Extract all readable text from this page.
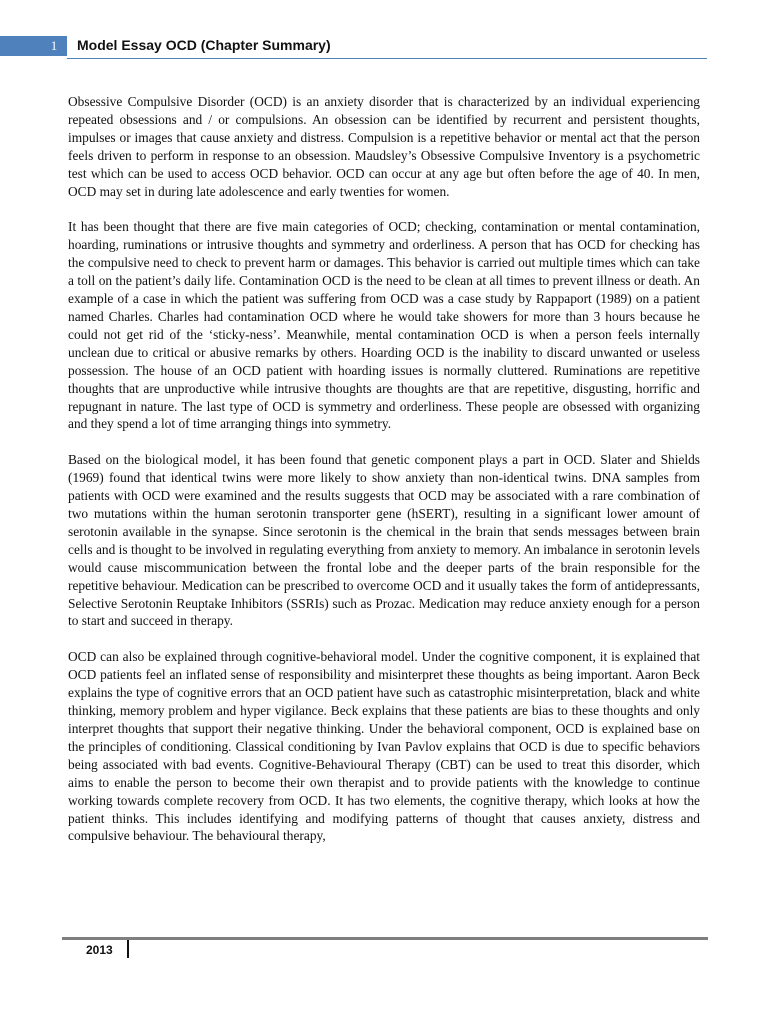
1	Model Essay OCD (Chapter Summary)

Obsessive Compulsive Disorder (OCD) is an anxiety disorder that is characterized by an individual experiencing repeated obsessions and / or compulsions. An obsession can be identified by recurrent and persistent thoughts, impulses or images that cause anxiety and distress. Compulsion is a repetitive behavior or mental act that the person feels driven to perform in response to an obsession. Maudsley’s Obsessive Compulsive Inventory is a psychometric test which can be used to access OCD behavior. OCD can occur at any age but often before the age of 40. In men, OCD may set in during late adolescence and early twenties for women.

It has been thought that there are five main categories of OCD; checking, contamination or mental contamination, hoarding, ruminations or intrusive thoughts and symmetry and orderliness. A person that has OCD for checking has the compulsive need to check to prevent harm or damages. This behavior is carried out multiple times which can take a toll on the patient’s daily life. Contamination OCD is the need to be clean at all times to prevent illness or death. An example of a case in which the patient was suffering from OCD was a case study by Rappaport (1989) on a patient named Charles. Charles had contamination OCD where he would take showers for more than 3 hours because he could not get rid of the ‘sticky-ness’. Meanwhile, mental contamination OCD is when a person feels internally unclean due to critical or abusive remarks by others. Hoarding OCD is the inability to discard unwanted or useless possession. The house of an OCD patient with hoarding issues is normally cluttered. Ruminations are repetitive thoughts that are unproductive while intrusive thoughts are thoughts are that are repetitive, disgusting, horrific and repugnant in nature. The last type of OCD is symmetry and orderliness. These people are obsessed with organizing and they spend a lot of time arranging things into symmetry.

Based on the biological model, it has been found that genetic component plays a part in OCD. Slater and Shields (1969) found that identical twins were more likely to show anxiety than non-identical twins. DNA samples from patients with OCD were examined and the results suggests that OCD may be associated with a rare combination of two mutations within the human serotonin transporter gene (hSERT), resulting in a significant lower amount of serotonin available in the synapse. Since serotonin is the chemical in the brain that sends messages between brain cells and is thought to be involved in regulating everything from anxiety to memory. An imbalance in serotonin levels would cause miscommunication between the frontal lobe and the deeper parts of the brain responsible for the repetitive behaviour. Medication can be prescribed to overcome OCD and it usually takes the form of antidepressants, Selective Serotonin Reuptake Inhibitors (SSRIs) such as Prozac. Medication may reduce anxiety enough for a person to start and succeed in therapy.

OCD can also be explained through cognitive-behavioral model. Under the cognitive component, it is explained that OCD patients feel an inflated sense of responsibility and misinterpret these thoughts as being important. Aaron Beck explains the type of cognitive errors that an OCD patient have such as catastrophic misinterpretation, black and white thinking, memory problem and hyper vigilance. Beck explains that these patients are bias to these thoughts and only interpret thoughts that support their negative thinking. Under the behavioral component, OCD is explained base on the principles of conditioning. Classical conditioning by Ivan Pavlov explains that OCD is due to specific behaviors being associated with bad events. Cognitive-Behavioural Therapy (CBT) can be used to treat this disorder, which aims to enable the person to become their own therapist and to provide patients with the knowledge to continue working towards complete recovery from OCD. It has two elements, the cognitive therapy, which looks at how the patient thinks. This includes identifying and modifying patterns of thought that causes anxiety, distress and compulsive behaviour. The behavioural therapy,

2013
